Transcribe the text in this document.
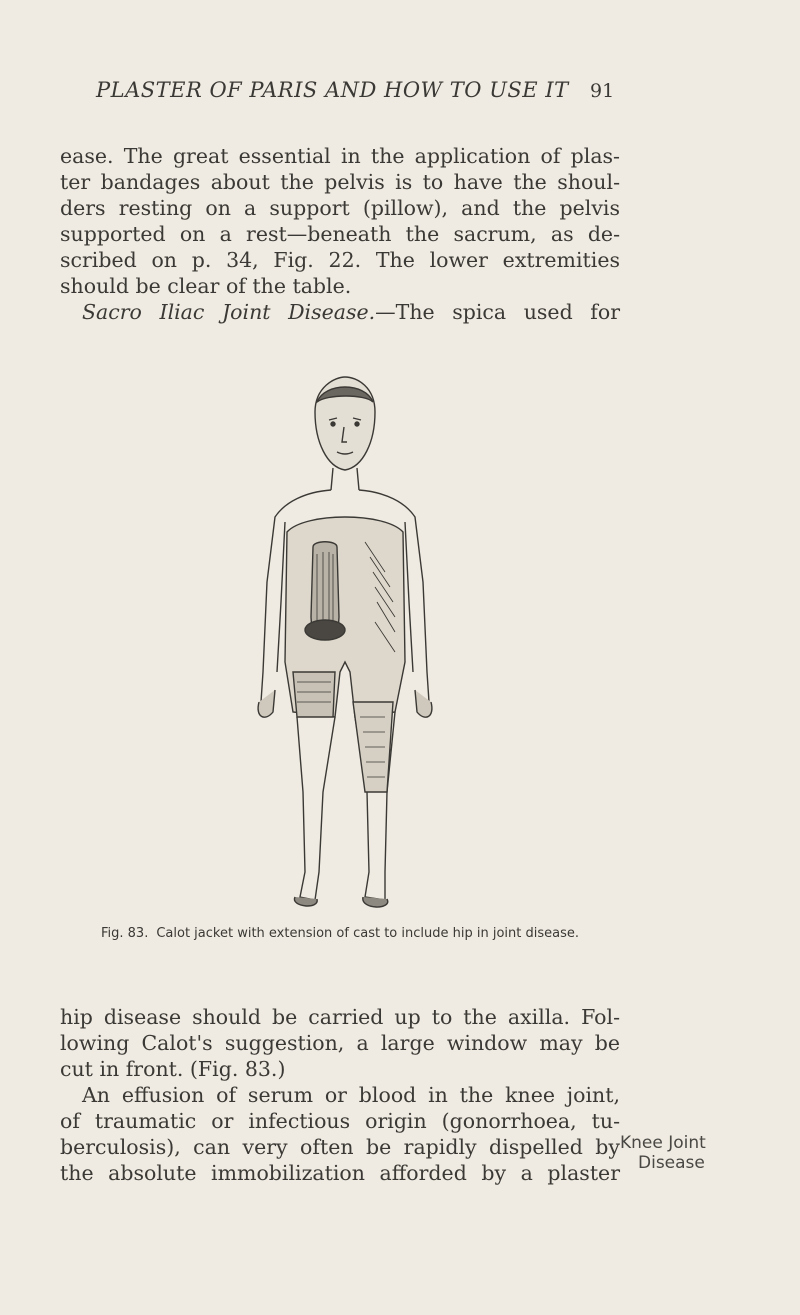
PLASTER OF PARIS AND HOW TO USE IT	91
ease. The great essential in the application of plas-
ter bandages about the pelvis is to have the shoul-
ders resting on a support (pillow), and the pelvis
supported on a rest—beneath the sacrum, as de-
scribed on p. 34, Fig. 22. The lower extremities
should be clear of the table.
Sacro Iliac Joint Disease.—The spica used for
Fig. 83. Calot jacket with extension of cast to include hip in joint disease.
hip disease should be carried up to the axilla. Fol-
lowing Calot's suggestion, a large window may be
cut in front. (Fig. 83.)
An effusion of serum or blood in the knee joint,
of traumatic or infectious origin (gonorrhoea, tu-
berculosis), can very often be rapidly dispelled by
the absolute immobilization afforded by a plaster
Knee Joint
Disease
